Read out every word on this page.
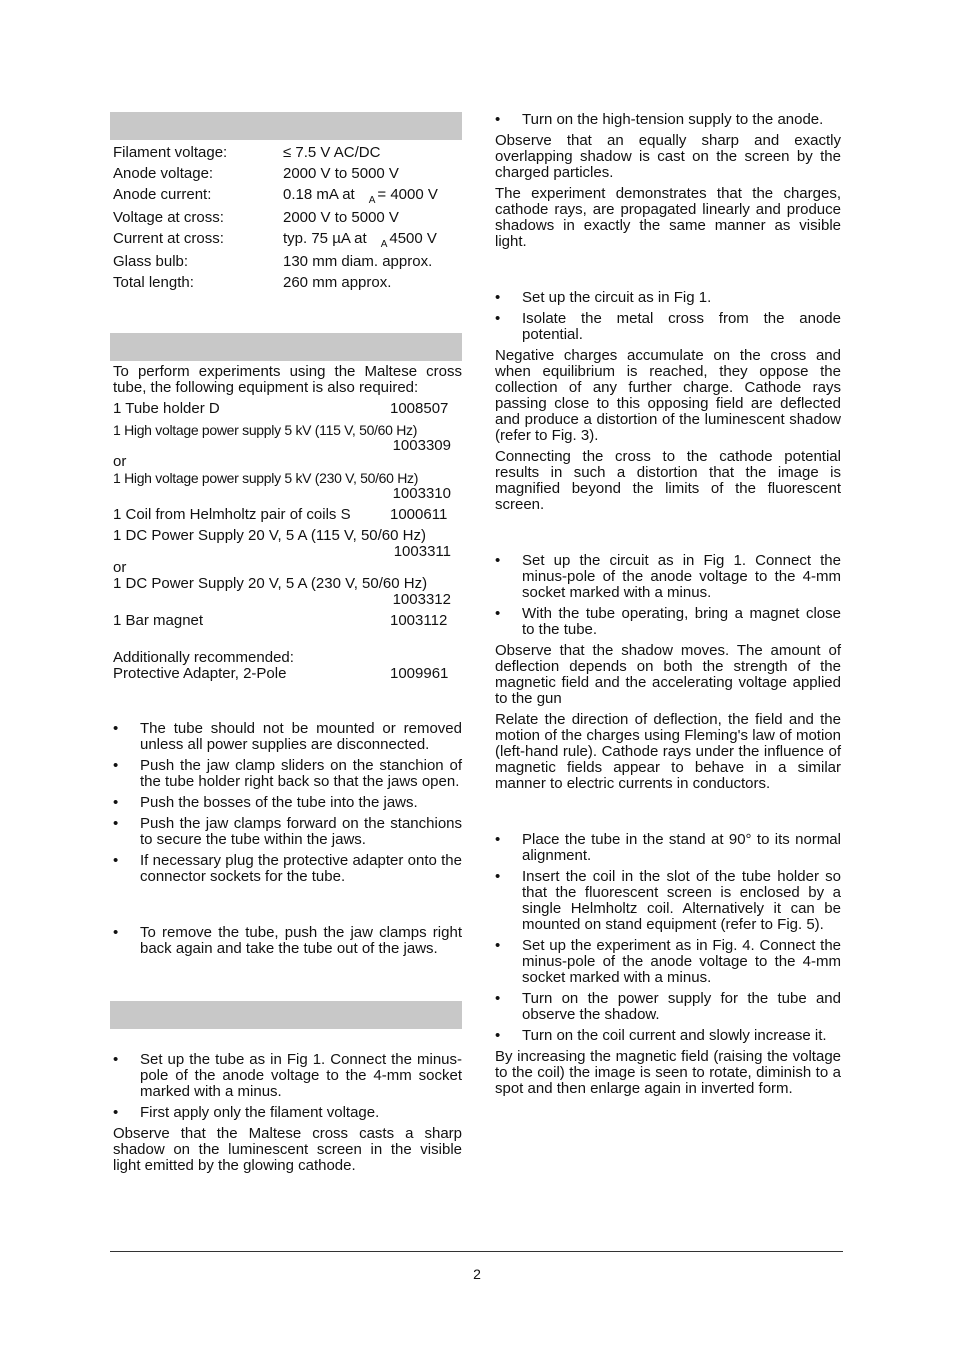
Filament voltage:	≤ 7.5 V AC/DC
Anode voltage:	2000 V to 5000 V
Anode current:	0.18 mA at $_A$ = 4000 V
Voltage at cross:	2000 V to 5000 V
Current at cross:	typ. 75 µA at $_A$ 4500 V
Glass bulb:	130 mm diam. approx.
Total length:	260 mm approx.
To perform experiments using the Maltese cross tube, the following equipment is also required:
1 Tube holder D	1008507
1 High voltage power supply 5 kV (115 V, 50/60 Hz)
1003309
or
1 High voltage power supply 5 kV (230 V, 50/60 Hz)
1003310
1 Coil from Helmholtz pair of coils S	1000611
1 DC Power Supply 20 V, 5 A (115 V, 50/60 Hz)
1003311
or
1 DC Power Supply 20 V, 5 A (230 V, 50/60 Hz)
1003312
1 Bar magnet	1003112
Additionally recommended:
Protective Adapter, 2-Pole	1009961
• The tube should not be mounted or removed unless all power supplies are disconnected.
• Push the jaw clamp sliders on the stanchion of the tube holder right back so that the jaws open.
• Push the bosses of the tube into the jaws.
• Push the jaw clamps forward on the stanchions to secure the tube within the jaws.
• If necessary plug the protective adapter onto the connector sockets for the tube.
• To remove the tube, push the jaw clamps right back again and take the tube out of the jaws.
• Set up the tube as in Fig 1. Connect the minus-pole of the anode voltage to the 4-mm socket marked with a minus.
• First apply only the filament voltage.
Observe that the Maltese cross casts a sharp shadow on the luminescent screen in the visible light emitted by the glowing cathode.
• Turn on the high-tension supply to the anode.
Observe that an equally sharp and exactly overlapping shadow is cast on the screen by the charged particles.
The experiment demonstrates that the charges, cathode rays, are propagated linearly and produce shadows in exactly the same manner as visible light.
• Set up the circuit as in Fig 1.
• Isolate the metal cross from the anode potential.
Negative charges accumulate on the cross and when equilibrium is reached, they oppose the collection of any further charge. Cathode rays passing close to this opposing field are deflected and produce a distortion of the luminescent shadow (refer to Fig. 3).
Connecting the cross to the cathode potential results in such a distortion that the image is magnified beyond the limits of the fluorescent screen.
• Set up the circuit as in Fig 1. Connect the minus-pole of the anode voltage to the 4-mm socket marked with a minus.
• With the tube operating, bring a magnet close to the tube.
Observe that the shadow moves. The amount of deflection depends on both the strength of the magnetic field and the accelerating voltage applied to the gun
Relate the direction of deflection, the field and the motion of the charges using Fleming's law of motion (left-hand rule). Cathode rays under the influence of magnetic fields appear to behave in a similar manner to electric currents in conductors.
• Place the tube in the stand at 90° to its normal alignment.
• Insert the coil in the slot of the tube holder so that the fluorescent screen is enclosed by a single Helmholtz coil. Alternatively it can be mounted on stand equipment (refer to Fig. 5).
• Set up the experiment as in Fig. 4. Connect the minus-pole of the anode voltage to the 4-mm socket marked with a minus.
• Turn on the power supply for the tube and observe the shadow.
• Turn on the coil current and slowly increase it.
By increasing the magnetic field (raising the voltage to the coil) the image is seen to rotate, diminish to a spot and then enlarge again in inverted form.
2
